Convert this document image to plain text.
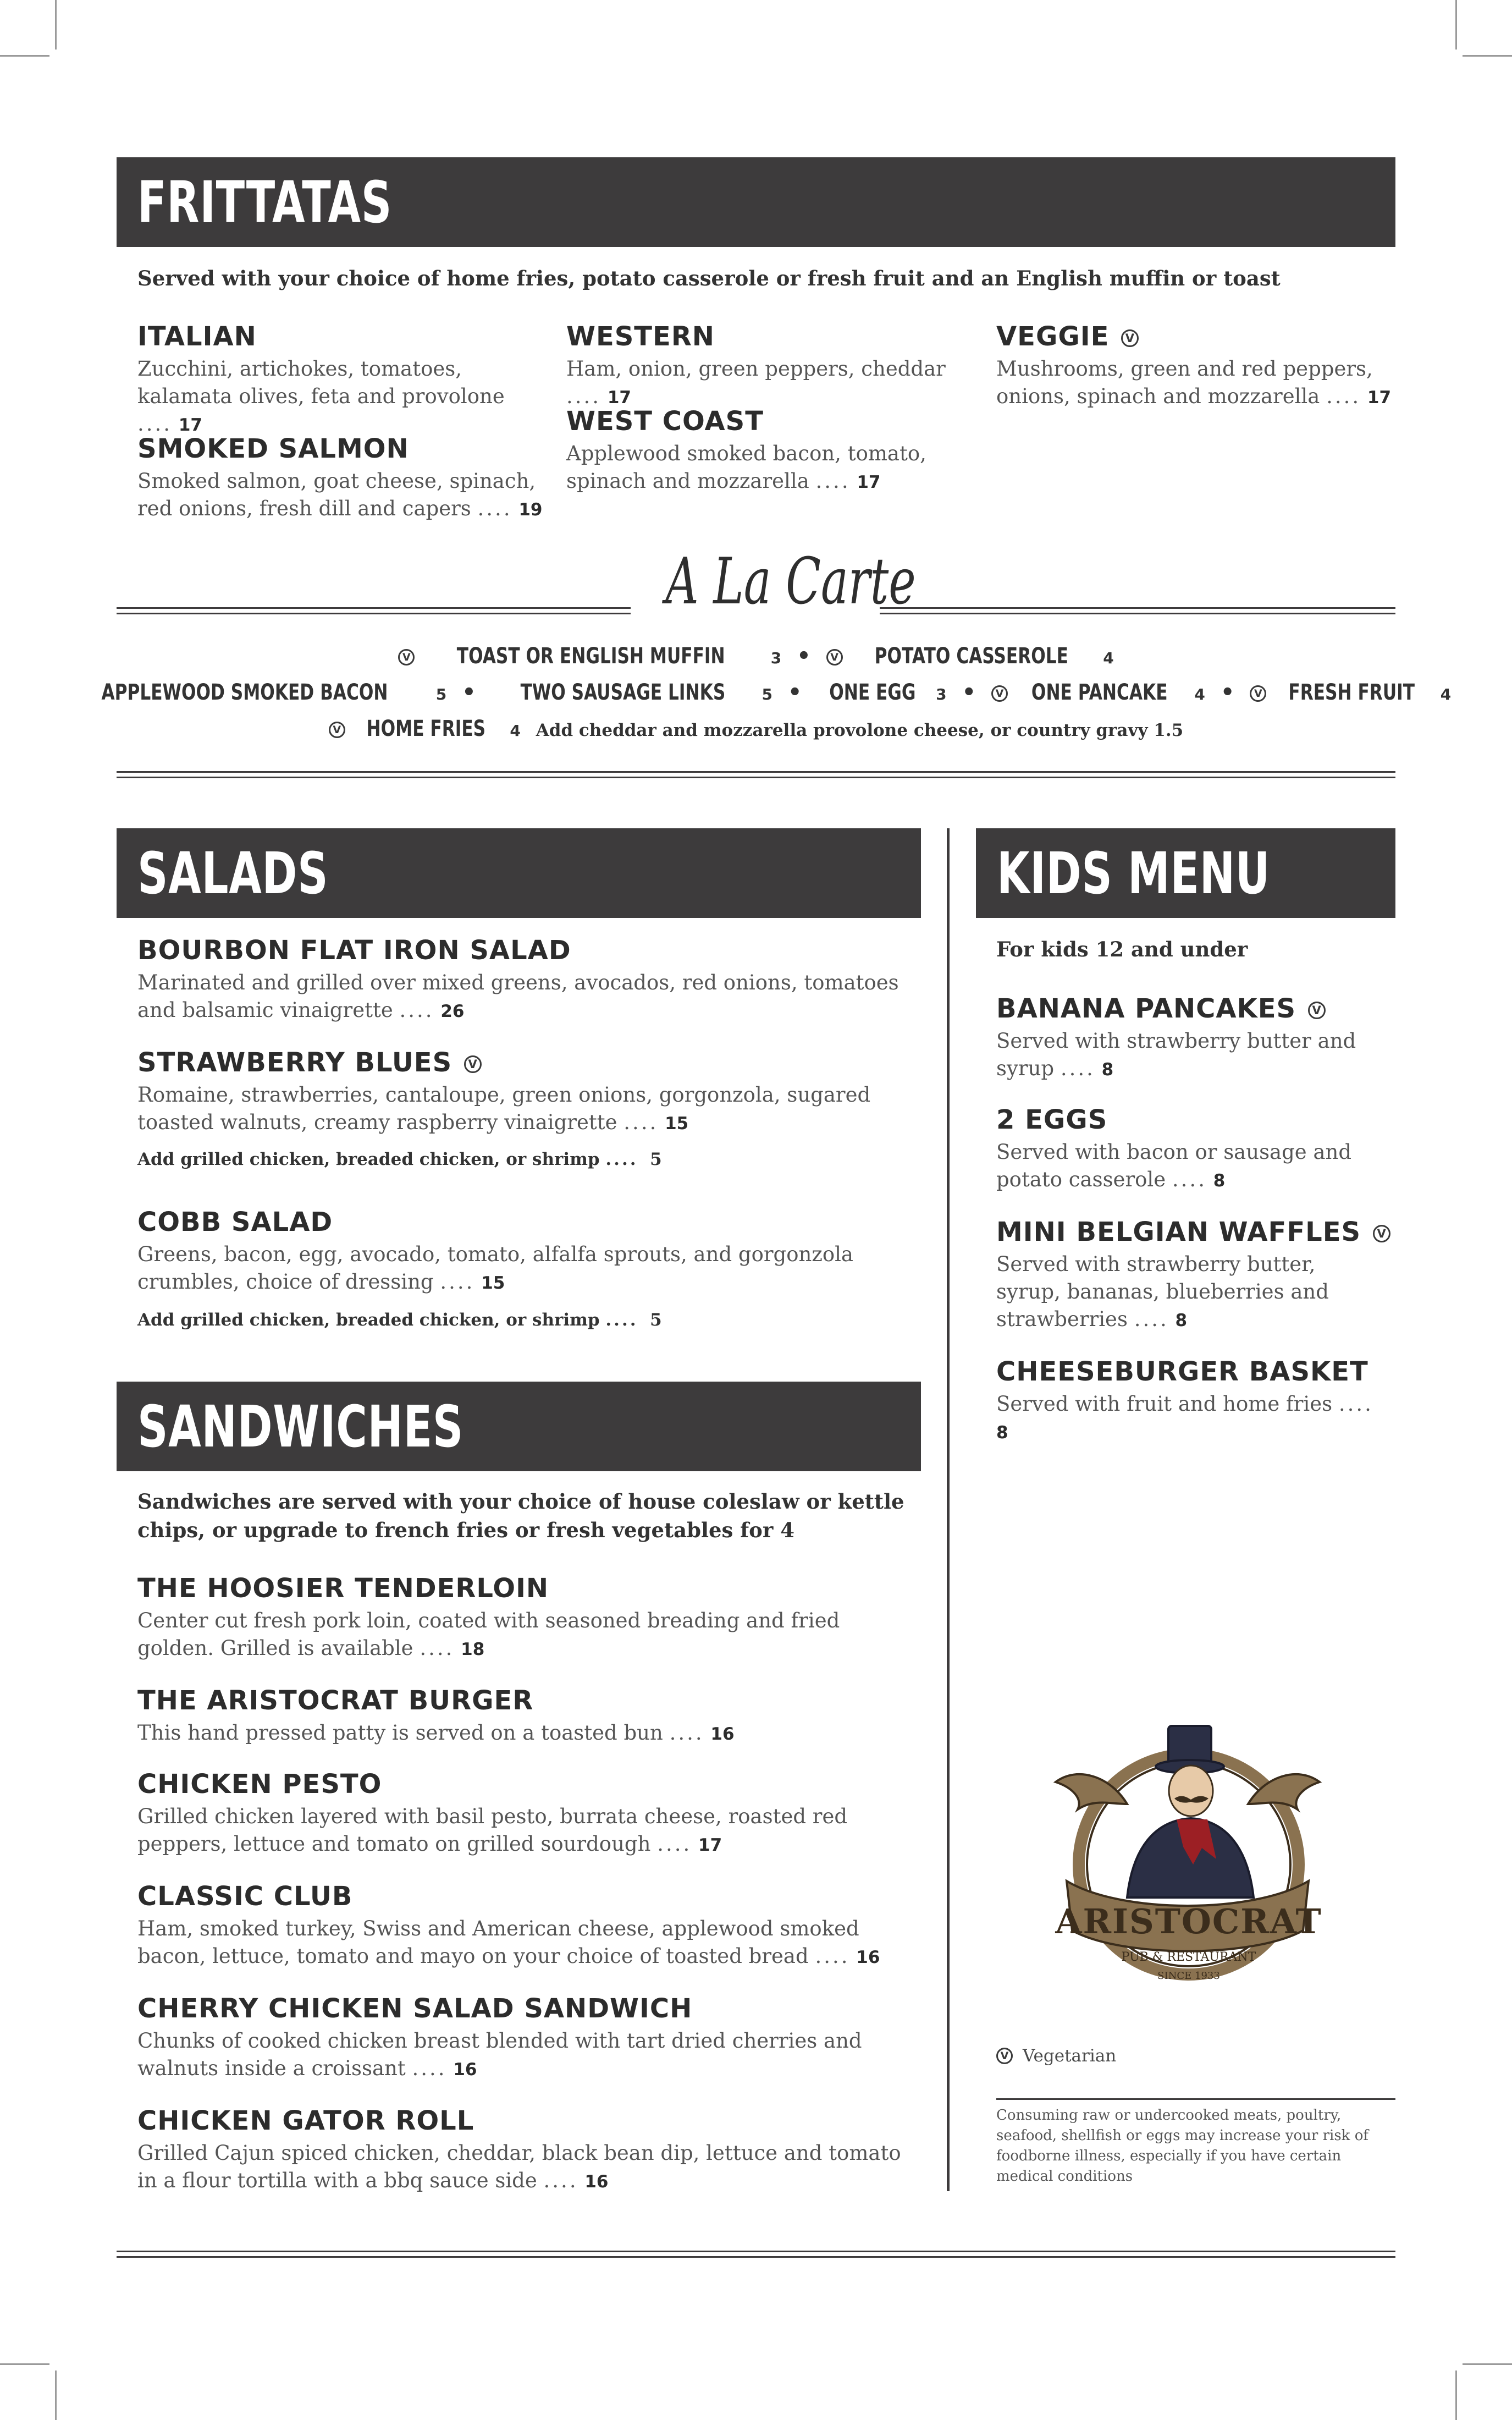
FRITTATAS
Served with your choice of home fries, potato casserole or fresh fruit and an English muffin or toast
ITALIAN
Zucchini, artichokes, tomatoes, kalamata olives, feta and provolone .... 17
SMOKED SALMON
Smoked salmon, goat cheese, spinach, red onions, fresh dill and capers .... 19
WESTERN
Ham, onion, green peppers, cheddar .... 17
WEST COAST
Applewood smoked bacon, tomato, spinach and mozzarella .... 17
VEGGIE V
Mushrooms, green and red peppers, onions, spinach and mozzarella .... 17
A La Carte
V TOAST OR ENGLISH MUFFIN	3 • V POTATO CASSEROLE 4
APPLEWOOD SMOKED BACON	5 • TWO SAUSAGE LINKS 5 • ONE EGG 3 • V ONE PANCAKE 4 • V FRESH FRUIT 4
V HOME FRIES 4 Add cheddar and mozzarella provolone cheese, or country gravy 1.5
SALADS
BOURBON FLAT IRON SALAD
Marinated and grilled over mixed greens, avocados, red onions, tomatoes and balsamic vinaigrette .... 26
STRAWBERRY BLUES V
Romaine, strawberries, cantaloupe, green onions, gorgonzola, sugared toasted walnuts, creamy raspberry vinaigrette .... 15
Add grilled chicken, breaded chicken, or shrimp .... 5
COBB SALAD
Greens, bacon, egg, avocado, tomato, alfalfa sprouts, and gorgonzola crumbles, choice of dressing .... 15
Add grilled chicken, breaded chicken, or shrimp .... 5
SANDWICHES
Sandwiches are served with your choice of house coleslaw or kettle chips, or upgrade to french fries or fresh vegetables for 4
THE HOOSIER TENDERLOIN
Center cut fresh pork loin, coated with seasoned breading and fried golden. Grilled is available .... 18
THE ARISTOCRAT BURGER
This hand pressed patty is served on a toasted bun .... 16
CHICKEN PESTO
Grilled chicken layered with basil pesto, burrata cheese, roasted red peppers, lettuce and tomato on grilled sourdough .... 17
CLASSIC CLUB
Ham, smoked turkey, Swiss and American cheese, applewood smoked bacon, lettuce, tomato and mayo on your choice of toasted bread .... 16
CHERRY CHICKEN SALAD SANDWICH
Chunks of cooked chicken breast blended with tart dried cherries and walnuts inside a croissant .... 16
CHICKEN GATOR ROLL
Grilled Cajun spiced chicken, cheddar, black bean dip, lettuce and tomato in a flour tortilla with a bbq sauce side .... 16
KIDS MENU
For kids 12 and under
BANANA PANCAKES V
Served with strawberry butter and syrup .... 8
2 EGGS
Served with bacon or sausage and potato casserole .... 8
MINI BELGIAN WAFFLES V
Served with strawberry butter, syrup, bananas, blueberries and strawberries .... 8
CHEESEBURGER BASKET
Served with fruit and home fries .... 8
ARISTOCRAT
PUB & RESTAURANT
SINCE 1933
V Vegetarian
Consuming raw or undercooked meats, poultry, seafood, shellfish or eggs may increase your risk of foodborne illness, especially if you have certain medical conditions
